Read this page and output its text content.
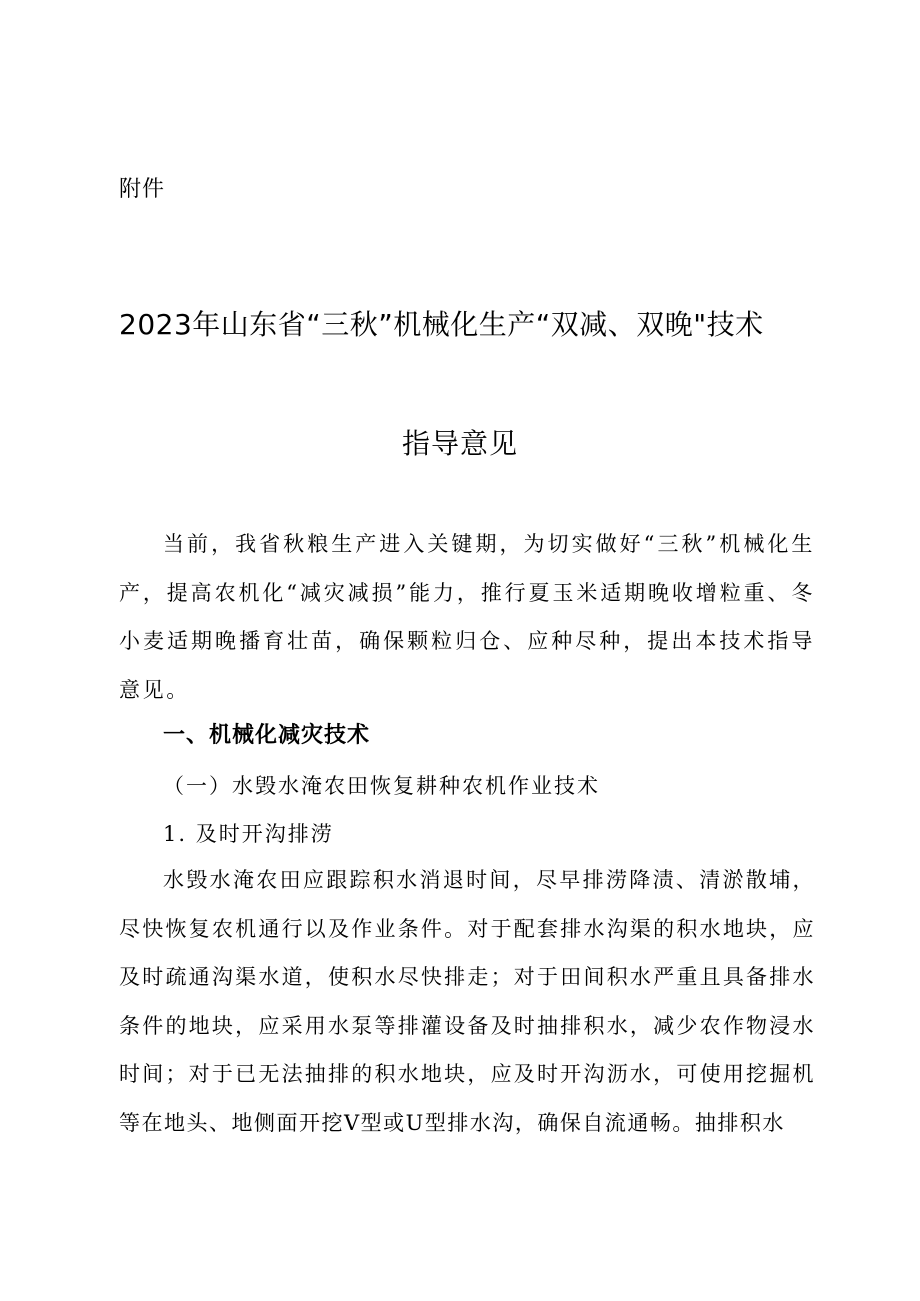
附件
2023年山东省“三秋”机械化生产“双减、双晚"技术
指导意见

当前，我省秋粮生产进入关键期，为切实做好“三秋”机械化生产，提高农机化“减灾减损”能力，推行夏玉米适期晚收增粒重、冬小麦适期晚播育壮苗，确保颗粒归仓、应种尽种，提出本技术指导意见。

一、机械化减灾技术
（一）水毁水淹农田恢复耕种农机作业技术
1. 及时开沟排涝

水毁水淹农田应跟踪积水消退时间，尽早排涝降渍、清淤散埔，尽快恢复农机通行以及作业条件。对于配套排水沟渠的积水地块，应及时疏通沟渠水道，使积水尽快排走；对于田间积水严重且具备排水条件的地块，应采用水泵等排灌设备及时抽排积水，减少农作物浸水时间；对于已无法抽排的积水地块，应及时开沟沥水，可使用挖掘机等在地头、地侧面开挖V型或U型排水沟，确保自流通畅。抽排积水
